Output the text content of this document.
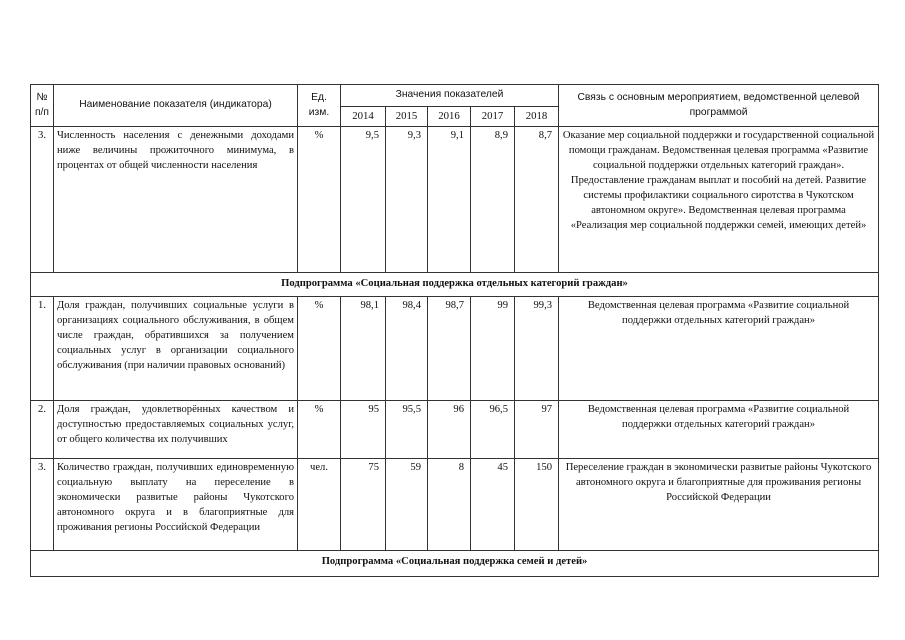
№ п/п	Наименование показателя (индикатора)	Ед. изм.	Значения показателей					Связь с основным мероприятием, ведомственной целевой программой
			2014	2015	2016	2017	2018	
3.	Численность населения с денежными доходами ниже величины прожиточного минимума, в процентах от общей численности населения	%	9,5	9,3	9,1	8,9	8,7	Оказание мер социальной поддержки и государственной социальной помощи гражданам. Ведомственная целевая программа «Развитие социальной поддержки отдельных категорий граждан». Предоставление гражданам выплат и пособий на детей. Развитие системы профилактики социального сиротства в Чукотском автономном округе». Ведомственная целевая программа «Реализация мер социальной поддержки семей, имеющих детей»
Подпрограмма «Социальная поддержка отдельных категорий граждан»								
1.	Доля граждан, получивших социальные услуги в организациях социального обслуживания, в общем числе граждан, обратившихся за получением социальных услуг в организации социального обслуживания (при наличии правовых оснований)	%	98,1	98,4	98,7	99	99,3	Ведомственная целевая программа «Развитие социальной поддержки отдельных категорий граждан»
2.	Доля граждан, удовлетворённых качеством и доступностью предоставляемых социальных услуг, от общего количества их получивших	%	95	95,5	96	96,5	97	Ведомственная целевая программа «Развитие социальной поддержки отдельных категорий граждан»
3.	Количество граждан, получивших единовременную социальную выплату на переселение в экономически развитые районы Чукотского автономного округа и в благоприятные для проживания регионы Российской Федерации	чел.	75	59	8	45	150	Переселение граждан в экономически развитые районы Чукотского автономного округа и благоприятные для проживания регионы Российской Федерации
Подпрограмма «Социальная поддержка семей и детей»								
